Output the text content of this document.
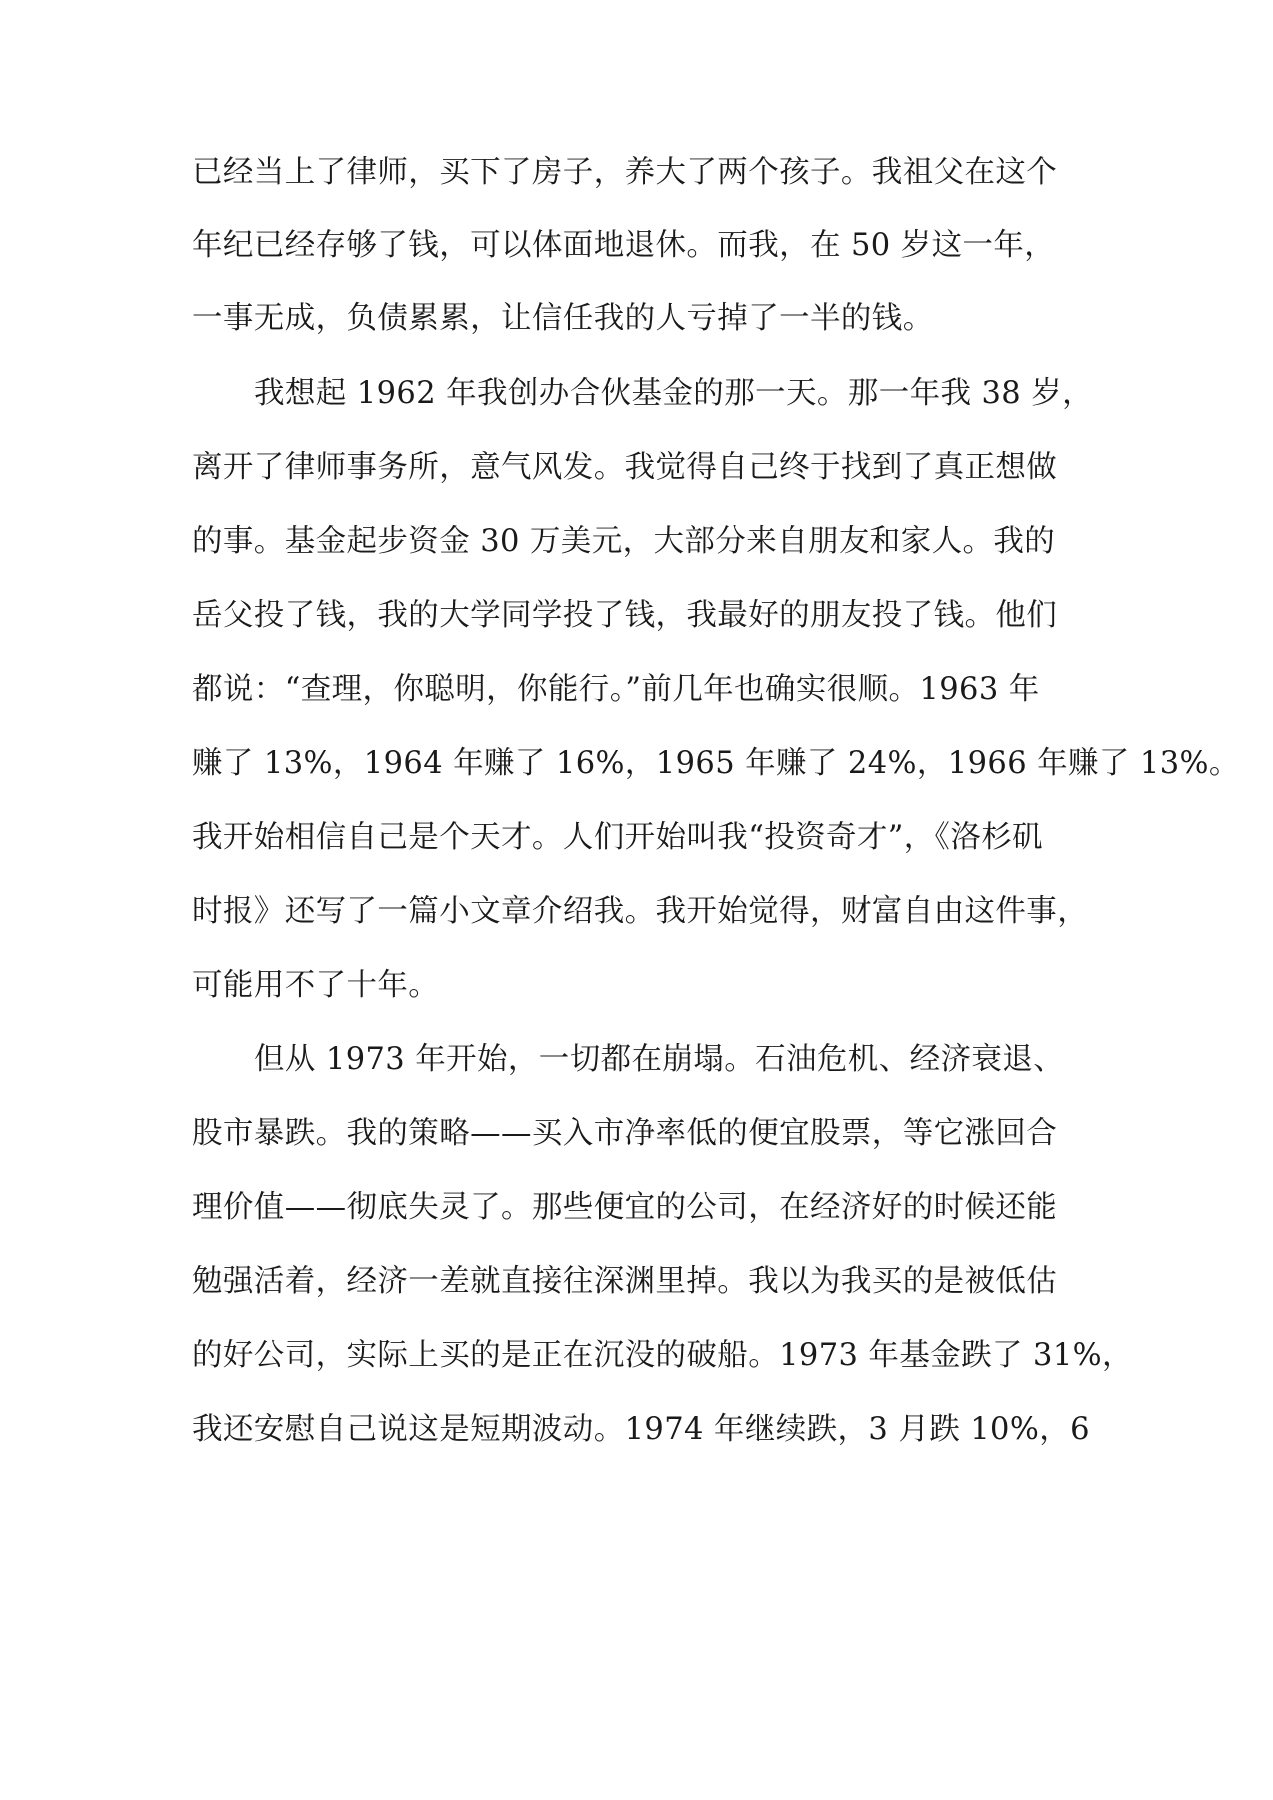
已经当上了律师，买下了房子，养大了两个孩子。我祖父在这个
年纪已经存够了钱，可以体面地退休。而我，在 50 岁这一年，
一事无成，负债累累，让信任我的人亏掉了一半的钱。
我想起 1962 年我创办合伙基金的那一天。那一年我 38 岁，
离开了律师事务所，意气风发。我觉得自己终于找到了真正想做
的事。基金起步资金 30 万美元，大部分来自朋友和家人。我的
岳父投了钱，我的大学同学投了钱，我最好的朋友投了钱。他们
都说：“查理，你聪明，你能行。”前几年也确实很顺。1963 年
赚了 13%，1964 年赚了 16%，1965 年赚了 24%，1966 年赚了 13%。
我开始相信自己是个天才。人们开始叫我“投资奇才”，《洛杉矶
时报》还写了一篇小文章介绍我。我开始觉得，财富自由这件事，
可能用不了十年。
但从 1973 年开始，一切都在崩塌。石油危机、经济衰退、
股市暴跌。我的策略——买入市净率低的便宜股票，等它涨回合
理价值——彻底失灵了。那些便宜的公司，在经济好的时候还能
勉强活着，经济一差就直接往深渊里掉。我以为我买的是被低估
的好公司，实际上买的是正在沉没的破船。1973 年基金跌了 31%，
我还安慰自己说这是短期波动。1974 年继续跌，3 月跌 10%，6
